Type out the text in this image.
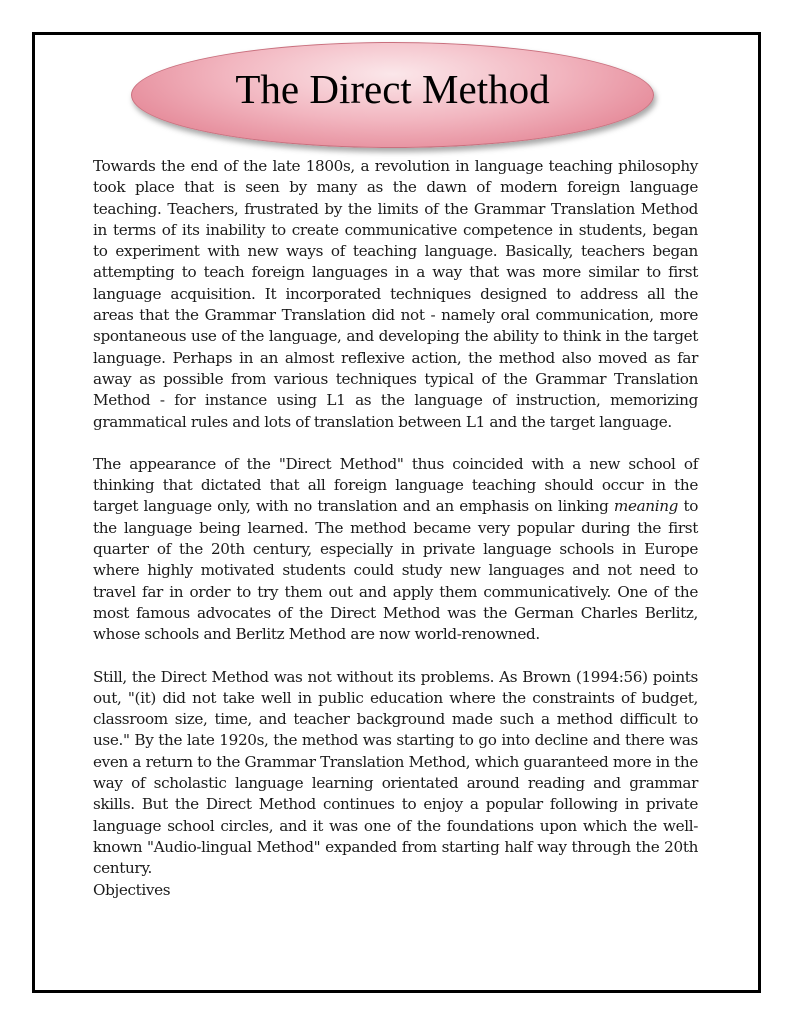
The Direct Method

Towards the end of the late 1800s, a revolution in language teaching philosophy took place that is seen by many as the dawn of modern foreign language teaching. Teachers, frustrated by the limits of the Grammar Translation Method in terms of its inability to create communicative competence in students, began to experiment with new ways of teaching language. Basically, teachers began attempting to teach foreign languages in a way that was more similar to first language acquisition. It incorporated techniques designed to address all the areas that the Grammar Translation did not - namely oral communication, more spontaneous use of the language, and developing the ability to think in the target language. Perhaps in an almost reflexive action, the method also moved as far away as possible from various techniques typical of the Grammar Translation Method - for instance using L1 as the language of instruction, memorizing grammatical rules and lots of translation between L1 and the target language.

The appearance of the "Direct Method" thus coincided with a new school of thinking that dictated that all foreign language teaching should occur in the target language only, with no translation and an emphasis on linking meaning to the language being learned. The method became very popular during the first quarter of the 20th century, especially in private language schools in Europe where highly motivated students could study new languages and not need to travel far in order to try them out and apply them communicatively. One of the most famous advocates of the Direct Method was the German Charles Berlitz, whose schools and Berlitz Method are now world-renowned.

Still, the Direct Method was not without its problems. As Brown (1994:56) points out, "(it) did not take well in public education where the constraints of budget, classroom size, time, and teacher background made such a method difficult to use." By the late 1920s, the method was starting to go into decline and there was even a return to the Grammar Translation Method, which guaranteed more in the way of scholastic language learning orientated around reading and grammar skills. But the Direct Method continues to enjoy a popular following in private language school circles, and it was one of the foundations upon which the well-known "Audio-lingual Method" expanded from starting half way through the 20th century.

Objectives
